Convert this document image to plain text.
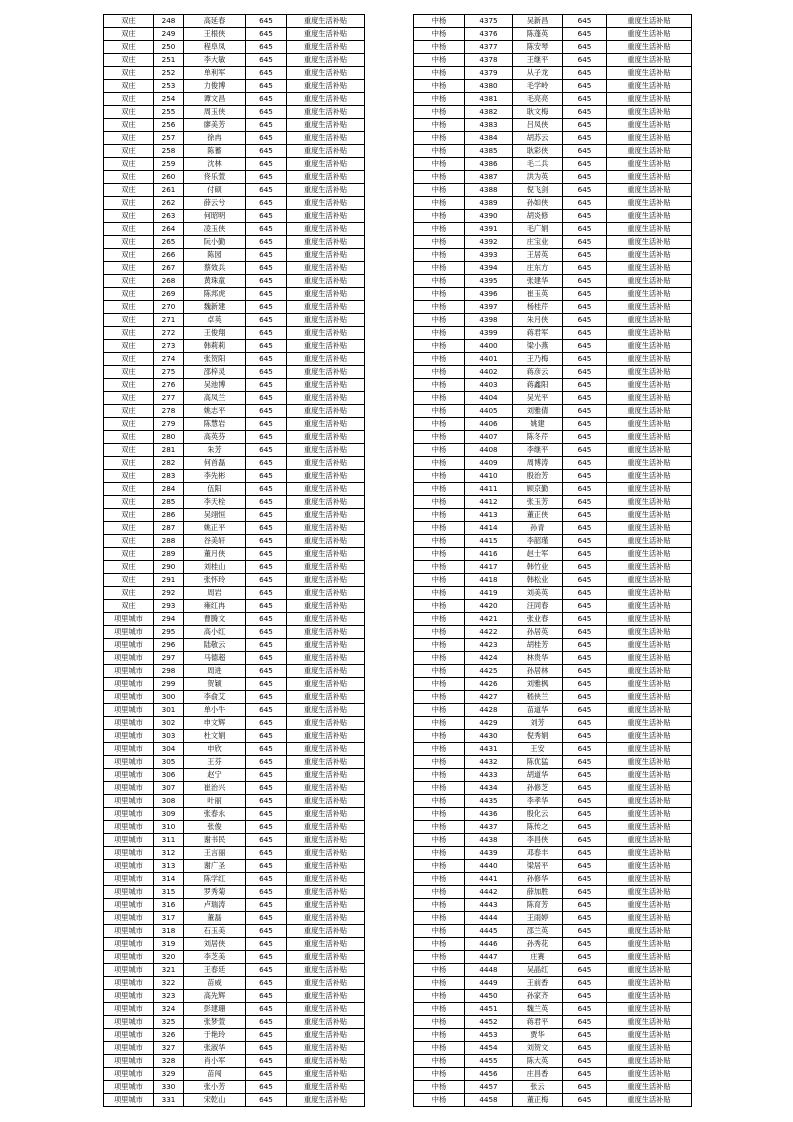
双庄	248	高延春	645	重度生活补贴
双庄	249	王根侠	645	重度生活补贴
双庄	250	程阜凤	645	重度生活补贴
双庄	251	李大敏	645	重度生活补贴
双庄	252	单利军	645	重度生活补贴
双庄	253	力俊博	645	重度生活补贴
双庄	254	谭文昌	645	重度生活补贴
双庄	255	周玉侠	645	重度生活补贴
双庄	256	廖美芳	645	重度生活补贴
双庄	257	徐冉	645	重度生活补贴
双庄	258	陈蓄	645	重度生活补贴
双庄	259	沈林	645	重度生活补贴
双庄	260	佟乐萱	645	重度生活补贴
双庄	261	付硕	645	重度生活补贴
双庄	262	薛云兮	645	重度生活补贴
双庄	263	何昭明	645	重度生活补贴
双庄	264	凌玉侠	645	重度生活补贴
双庄	265	阮小勤	645	重度生活补贴
双庄	266	陈园	645	重度生活补贴
双庄	267	蔡效兵	645	重度生活补贴
双庄	268	黄珠童	645	重度生活补贴
双庄	269	陈邦虎	645	重度生活补贴
双庄	270	魏新建	645	重度生活补贴
双庄	271	卓英	645	重度生活补贴
双庄	272	王俊翔	645	重度生活补贴
双庄	273	韩莉莉	645	重度生活补贴
双庄	274	张贺阳	645	重度生活补贴
双庄	275	邵梓灵	645	重度生活补贴
双庄	276	吴池博	645	重度生活补贴
双庄	277	高凤兰	645	重度生活补贴
双庄	278	姚志平	645	重度生活补贴
双庄	279	陈慧岩	645	重度生活补贴
双庄	280	高英芬	645	重度生活补贴
双庄	281	朱芳	645	重度生活补贴
双庄	282	何首磊	645	重度生活补贴
双庄	283	李先彬	645	重度生活补贴
双庄	284	伍阳	645	重度生活补贴
双庄	285	李天栓	645	重度生活补贴
双庄	286	吴翊恒	645	重度生活补贴
双庄	287	姚正平	645	重度生活补贴
双庄	288	谷美轩	645	重度生活补贴
双庄	289	董月侠	645	重度生活补贴
双庄	290	刘桂山	645	重度生活补贴
双庄	291	张怀玲	645	重度生活补贴
双庄	292	周岩	645	重度生活补贴
双庄	293	雍红冉	645	重度生活补贴
项里城市	294	曹腾文	645	重度生活补贴
项里城市	295	高小红	645	重度生活补贴
项里城市	296	陆敬云	645	重度生活补贴
项里城市	297	马德超	645	重度生活补贴
项里城市	298	周进	645	重度生活补贴
项里城市	299	贺颖	645	重度生活补贴
项里城市	300	李俞艾	645	重度生活补贴
项里城市	301	单小牛	645	重度生活补贴
项里城市	302	申文辉	645	重度生活补贴
项里城市	303	杜文娟	645	重度生活补贴
项里城市	304	申欣	645	重度生活补贴
项里城市	305	王芬	645	重度生活补贴
项里城市	306	赵宁	645	重度生活补贴
项里城市	307	崔治兴	645	重度生活补贴
项里城市	308	叶丽	645	重度生活补贴
项里城市	309	张春永	645	重度生活补贴
项里城市	310	张俊	645	重度生活补贴
项里城市	311	谢书民	645	重度生活补贴
项里城市	312	王言丽	645	重度生活补贴
项里城市	313	谢广圣	645	重度生活补贴
项里城市	314	陈学红	645	重度生活补贴
项里城市	315	罗秀菊	645	重度生活补贴
项里城市	316	卢瑞涛	645	重度生活补贴
项里城市	317	董磊	645	重度生活补贴
项里城市	318	石玉美	645	重度生活补贴
项里城市	319	刘居侠	645	重度生活补贴
项里城市	320	李芝美	645	重度生活补贴
项里城市	321	王春廷	645	重度生活补贴
项里城市	322	苗威	645	重度生活补贴
项里城市	323	高先辉	645	重度生活补贴
项里城市	324	彭建珊	645	重度生活补贴
项里城市	325	张梦萱	645	重度生活补贴
项里城市	326	于艳玲	645	重度生活补贴
项里城市	327	张淑华	645	重度生活补贴
项里城市	328	肖小军	645	重度生活补贴
项里城市	329	苗闯	645	重度生活补贴
项里城市	330	张小芳	645	重度生活补贴
项里城市	331	宋乾山	645	重度生活补贴
中杨	4375	吴新昌	645	重度生活补贴
中杨	4376	陈蓬英	645	重度生活补贴
中杨	4377	陈安琴	645	重度生活补贴
中杨	4378	王继平	645	重度生活补贴
中杨	4379	从子龙	645	重度生活补贴
中杨	4380	毛学岭	645	重度生活补贴
中杨	4381	毛亮亮	645	重度生活补贴
中杨	4382	耿文梅	645	重度生活补贴
中杨	4383	吕凤侠	645	重度生活补贴
中杨	4384	胡苏云	645	重度生活补贴
中杨	4385	耿彩侠	645	重度生活补贴
中杨	4386	毛二兵	645	重度生活补贴
中杨	4387	洪为英	645	重度生活补贴
中杨	4388	倪飞剑	645	重度生活补贴
中杨	4389	孙如侠	645	重度生活补贴
中杨	4390	胡炎修	645	重度生活补贴
中杨	4391	毛广娟	645	重度生活补贴
中杨	4392	庄宝业	645	重度生活补贴
中杨	4393	王居英	645	重度生活补贴
中杨	4394	庄东方	645	重度生活补贴
中杨	4395	张建华	645	重度生活补贴
中杨	4396	崔玉英	645	重度生活补贴
中杨	4397	杨桂芹	645	重度生活补贴
中杨	4398	朱月侠	645	重度生活补贴
中杨	4399	蒋君军	645	重度生活补贴
中杨	4400	梁小燕	645	重度生活补贴
中杨	4401	王乃梅	645	重度生活补贴
中杨	4402	蒋彦云	645	重度生活补贴
中杨	4403	蒋鑫阳	645	重度生活补贴
中杨	4404	吴光平	645	重度生活补贴
中杨	4405	刘雅倩	645	重度生活补贴
中杨	4406	姚建	645	重度生活补贴
中杨	4407	陈冬芹	645	重度生活补贴
中杨	4408	李继平	645	重度生活补贴
中杨	4409	周博涛	645	重度生活补贴
中杨	4410	殷治芳	645	重度生活补贴
中杨	4411	顾京勤	645	重度生活补贴
中杨	4412	张玉芳	645	重度生活补贴
中杨	4413	董正侠	645	重度生活补贴
中杨	4414	孙青	645	重度生活补贴
中杨	4415	李韶瑾	645	重度生活补贴
中杨	4416	赵士军	645	重度生活补贴
中杨	4417	韩竹业	645	重度生活补贴
中杨	4418	韩松业	645	重度生活补贴
中杨	4419	刘美英	645	重度生活补贴
中杨	4420	汪同春	645	重度生活补贴
中杨	4421	张业春	645	重度生活补贴
中杨	4422	孙居英	645	重度生活补贴
中杨	4423	胡桂芳	645	重度生活补贴
中杨	4424	林贵华	645	重度生活补贴
中杨	4425	孙居林	645	重度生活补贴
中杨	4426	刘雅枫	645	重度生活补贴
中杨	4427	嵇侠兰	645	重度生活补贴
中杨	4428	苗道华	645	重度生活补贴
中杨	4429	刘芳	645	重度生活补贴
中杨	4430	倪秀娟	645	重度生活补贴
中杨	4431	王安	645	重度生活补贴
中杨	4432	陈优猛	645	重度生活补贴
中杨	4433	胡道华	645	重度生活补贴
中杨	4434	孙修芝	645	重度生活补贴
中杨	4435	李孝华	645	重度生活补贴
中杨	4436	殷化云	645	重度生活补贴
中杨	4437	陈传之	645	重度生活补贴
中杨	4438	李昌侠	645	重度生活补贴
中杨	4439	邓春丰	645	重度生活补贴
中杨	4440	梁居平	645	重度生活补贴
中杨	4441	孙修华	645	重度生活补贴
中杨	4442	薛加胜	645	重度生活补贴
中杨	4443	陈育芳	645	重度生活补贴
中杨	4444	王雨婷	645	重度生活补贴
中杨	4445	邵兰英	645	重度生活补贴
中杨	4446	孙秀花	645	重度生活补贴
中杨	4447	庄赛	645	重度生活补贴
中杨	4448	吴晶红	645	重度生活补贴
中杨	4449	王前香	645	重度生活补贴
中杨	4450	孙家齐	645	重度生活补贴
中杨	4451	魏兰英	645	重度生活补贴
中杨	4452	蒋君平	645	重度生活补贴
中杨	4453	贾华	645	重度生活补贴
中杨	4454	刘贺文	645	重度生活补贴
中杨	4455	陈大英	645	重度生活补贴
中杨	4456	庄昌香	645	重度生活补贴
中杨	4457	张云	645	重度生活补贴
中杨	4458	董正梅	645	重度生活补贴
